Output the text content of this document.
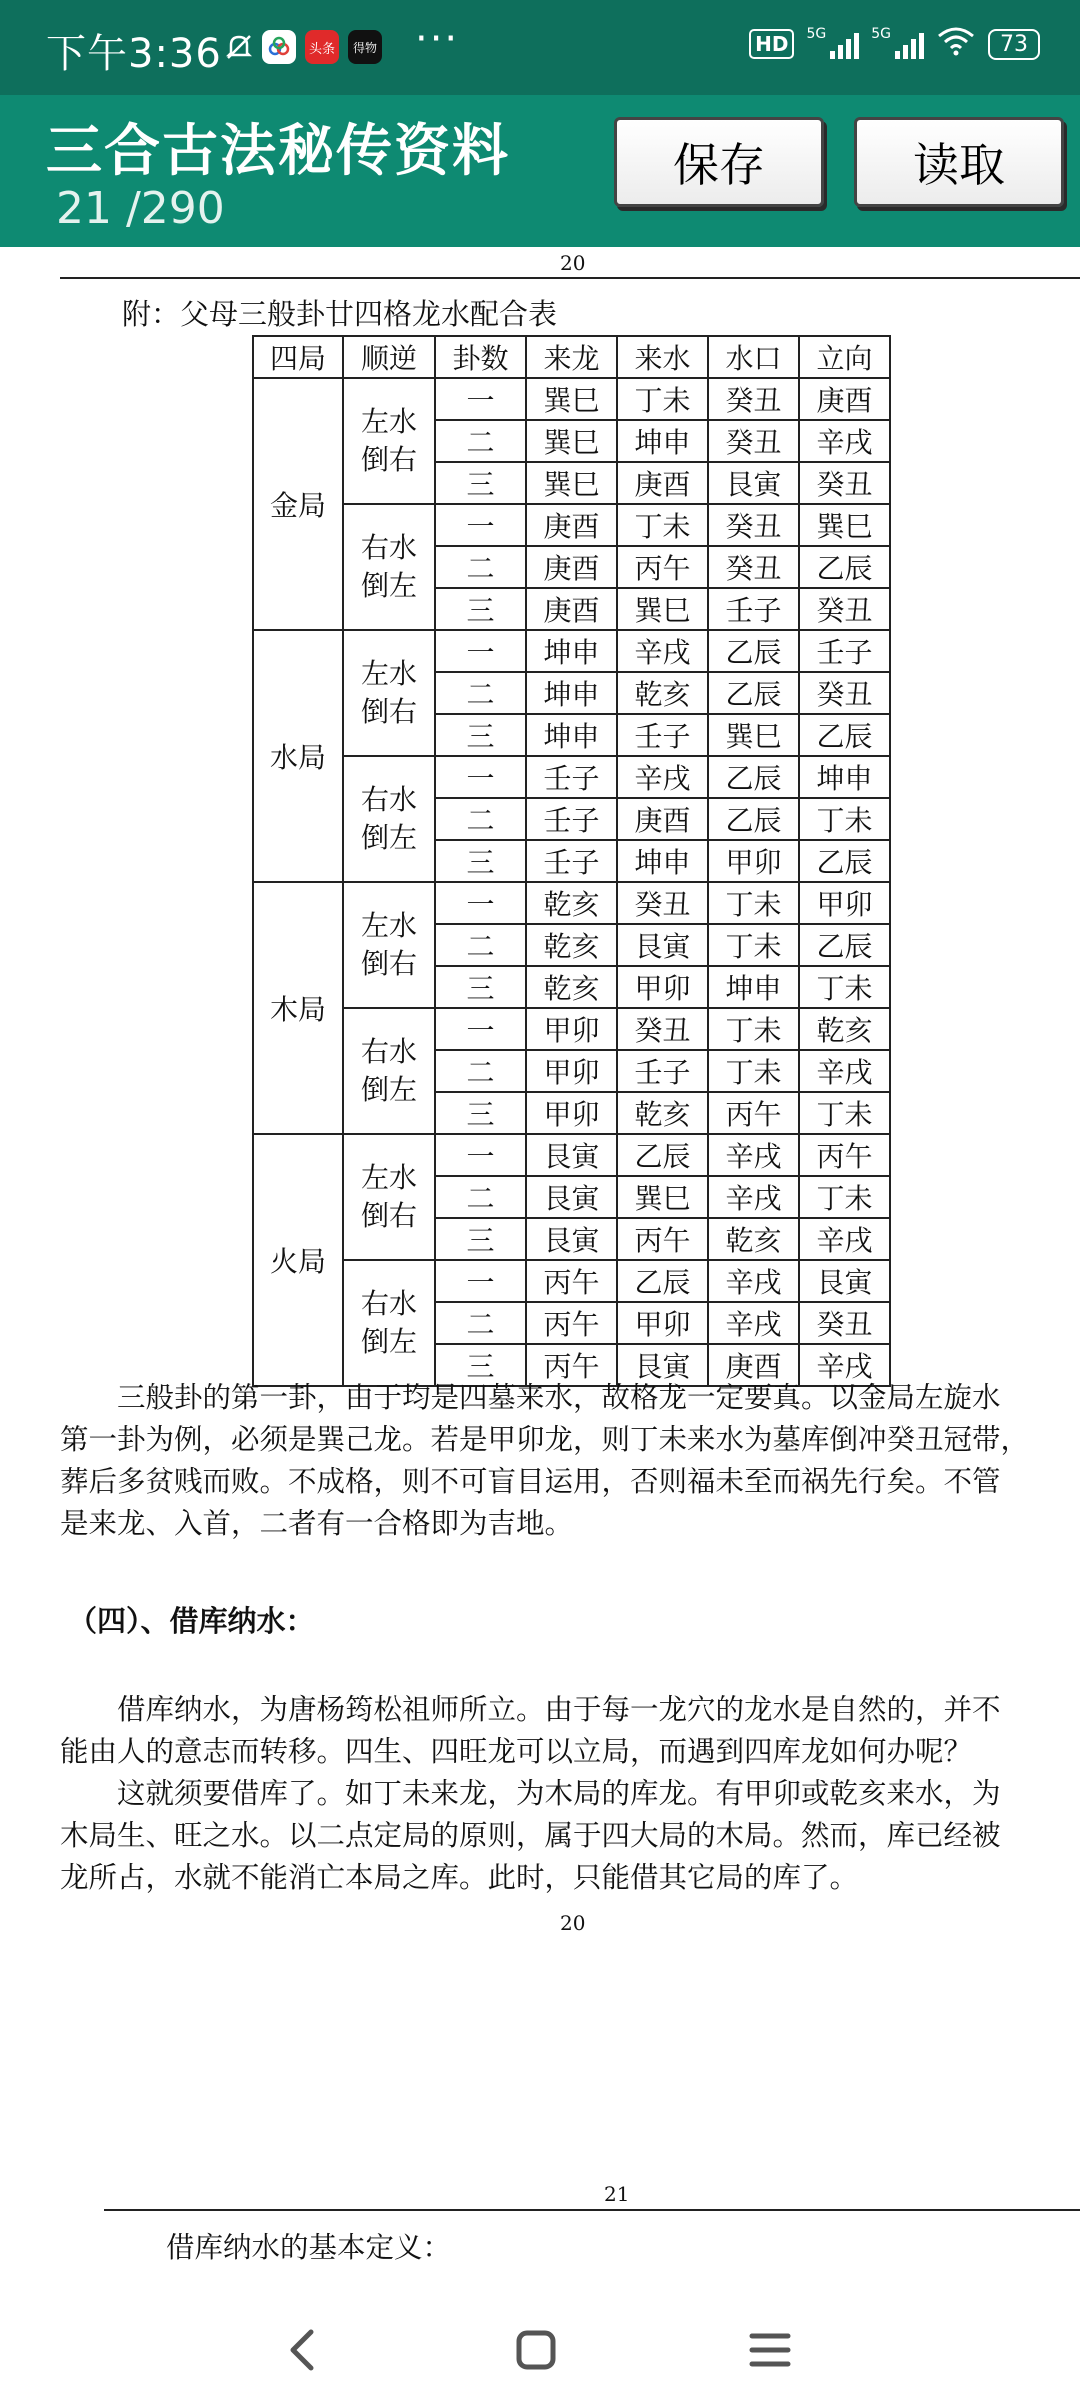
下午3:36	头条	得物 ···	HD	5G	5G	73
三合古法秘传资料
21 /290
保存	读取
20
附：父母三般卦廿四格龙水配合表
四局	顺逆	卦数	来龙	来水	水口	立向
金局	左水倒右	一	巽巳	丁未	癸丑	庚酉
		二	巽巳	坤申	癸丑	辛戌
		三	巽巳	庚酉	艮寅	癸丑
	右水倒左	一	庚酉	丁未	癸丑	巽巳
		二	庚酉	丙午	癸丑	乙辰
		三	庚酉	巽巳	壬子	癸丑
水局	左水倒右	一	坤申	辛戌	乙辰	壬子
		二	坤申	乾亥	乙辰	癸丑
		三	坤申	壬子	巽巳	乙辰
	右水倒左	一	壬子	辛戌	乙辰	坤申
		二	壬子	庚酉	乙辰	丁未
		三	壬子	坤申	甲卯	乙辰
木局	左水倒右	一	乾亥	癸丑	丁未	甲卯
		二	乾亥	艮寅	丁未	乙辰
		三	乾亥	甲卯	坤申	丁未
	右水倒左	一	甲卯	癸丑	丁未	乾亥
		二	甲卯	壬子	丁未	辛戌
		三	甲卯	乾亥	丙午	丁未
火局	左水倒右	一	艮寅	乙辰	辛戌	丙午
		二	艮寅	巽巳	辛戌	丁未
		三	艮寅	丙午	乾亥	辛戌
	右水倒左	一	丙午	乙辰	辛戌	艮寅
		二	丙午	甲卯	辛戌	癸丑
		三	丙午	艮寅	庚酉	辛戌
　　三般卦的第一卦，由于均是四墓来水，故格龙一定要真。以金局左旋水
第一卦为例，必须是巽己龙。若是甲卯龙，则丁未来水为墓库倒冲癸丑冠带，
葬后多贫贱而败。不成格，则不可盲目运用，否则福未至而祸先行矣。不管
是来龙、入首，二者有一合格即为吉地。
（四）、借库纳水：
　　借库纳水，为唐杨筠松祖师所立。由于每一龙穴的龙水是自然的，并不
能由人的意志而转移。四生、四旺龙可以立局，而遇到四库龙如何办呢？
　　这就须要借库了。如丁未来龙，为木局的库龙。有甲卯或乾亥来水，为
木局生、旺之水。以二点定局的原则，属于四大局的木局。然而，库已经被
龙所占，水就不能消亡本局之库。此时，只能借其它局的库了。
20
21
借库纳水的基本定义：
